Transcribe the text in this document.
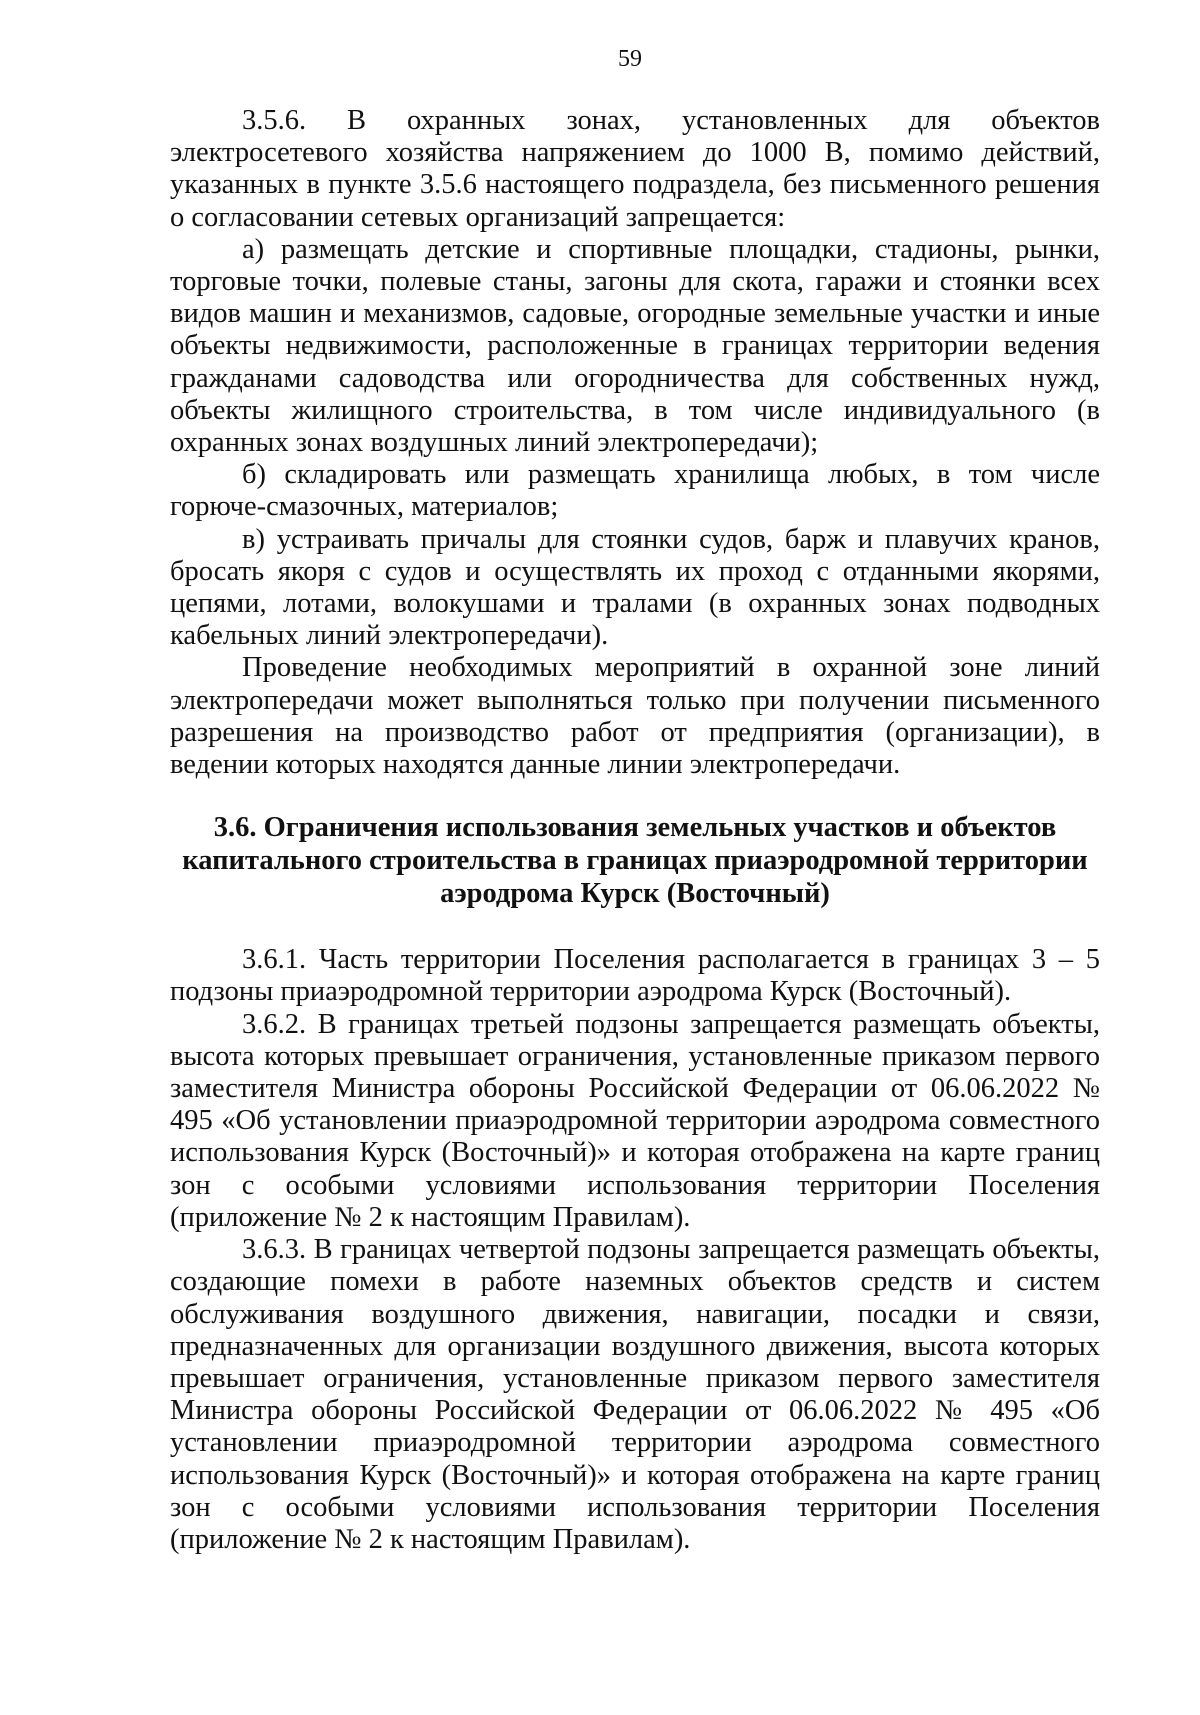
59

3.5.6. В охранных зонах, установленных для объектов электросетевого хозяйства напряжением до 1000 В, помимо действий, указанных в пункте 3.5.6 настоящего подраздела, без письменного решения о согласовании сетевых организаций запрещается:

а) размещать детские и спортивные площадки, стадионы, рынки, торговые точки, полевые станы, загоны для скота, гаражи и стоянки всех видов машин и механизмов, садовые, огородные земельные участки и иные объекты недвижимости, расположенные в границах территории ведения гражданами садоводства или огородничества для собственных нужд, объекты жилищного строительства, в том числе индивидуального (в охранных зонах воздушных линий электропередачи);

б) складировать или размещать хранилища любых, в том числе горюче-смазочных, материалов;

в) устраивать причалы для стоянки судов, барж и плавучих кранов, бросать якоря с судов и осуществлять их проход с отданными якорями, цепями, лотами, волокушами и тралами (в охранных зонах подводных кабельных линий электропередачи).

Проведение необходимых мероприятий в охранной зоне линий электропередачи может выполняться только при получении письменного разрешения на производство работ от предприятия (организации), в ведении которых находятся данные линии электропередачи.

3.6. Ограничения использования земельных участков и объектов
капитального строительства в границах приаэродромной территории
аэродрома Курск (Восточный)

3.6.1. Часть территории Поселения располагается в границах 3 – 5 подзоны приаэродромной территории аэродрома Курск (Восточный).

3.6.2. В границах третьей подзоны запрещается размещать объекты, высота которых превышает ограничения, установленные приказом первого заместителя Министра обороны Российской Федерации от 06.06.2022 № 495 «Об установлении приаэродромной территории аэродрома совместного использования Курск (Восточный)» и которая отображена на карте границ зон с особыми условиями использования территории Поселения (приложение № 2 к настоящим Правилам).

3.6.3. В границах четвертой подзоны запрещается размещать объекты, создающие помехи в работе наземных объектов средств и систем обслуживания воздушного движения, навигации, посадки и связи, предназначенных для организации воздушного движения, высота которых превышает ограничения, установленные приказом первого заместителя Министра обороны Российской Федерации от 06.06.2022 № 495 «Об установлении приаэродромной территории аэродрома совместного использования Курск (Восточный)» и которая отображена на карте границ зон с особыми условиями использования территории Поселения (приложение № 2 к настоящим Правилам).
